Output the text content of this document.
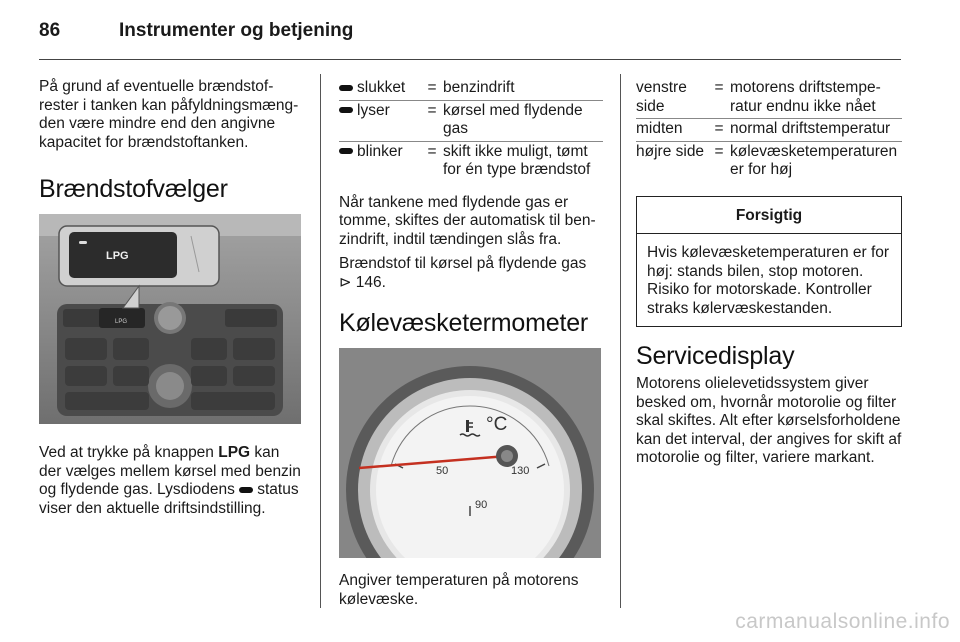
86	Instrumenter og betjening

På grund af eventuelle brændstofrester i tanken kan påfyldningsmængden være mindre end den angivne kapacitet for brændstoftanken.

Brændstofvælger
LPG
LPG

Ved at trykke på knappen LPG kan der vælges mellem kørsel med benzin og flydende gas. Lysdiodens status viser den aktuelle driftsindstilling.

slukket	=	benzindrift
lyser	=	kørsel med flydende gas
blinker	=	skift ikke muligt, tømt for én type brændstof

Når tankene med flydende gas er tomme, skiftes der automatisk til benzindrift, indtil tændingen slås fra.

Brændstof til kørsel på flydende gas
⊳ 146.

Kølevæsketermometer
°C
50
90
130

Angiver temperaturen på motorens kølevæske.

venstre side	=	motorens driftstemperatur endnu ikke nået
midten	=	normal driftstemperatur
højre side	=	kølevæsketemperaturen er for høj
Forsigtig
Hvis kølevæsketemperaturen er for høj: stands bilen, stop motoren. Risiko for motorskade. Kontroller straks kølervæskestanden.
Servicedisplay

Motorens olielevetidssystem giver besked om, hvornår motorolie og filter skal skiftes. Alt efter kørselsforholdene kan det interval, der angives for skift af motorolie og filter, variere markant.

carmanualsonline.info
